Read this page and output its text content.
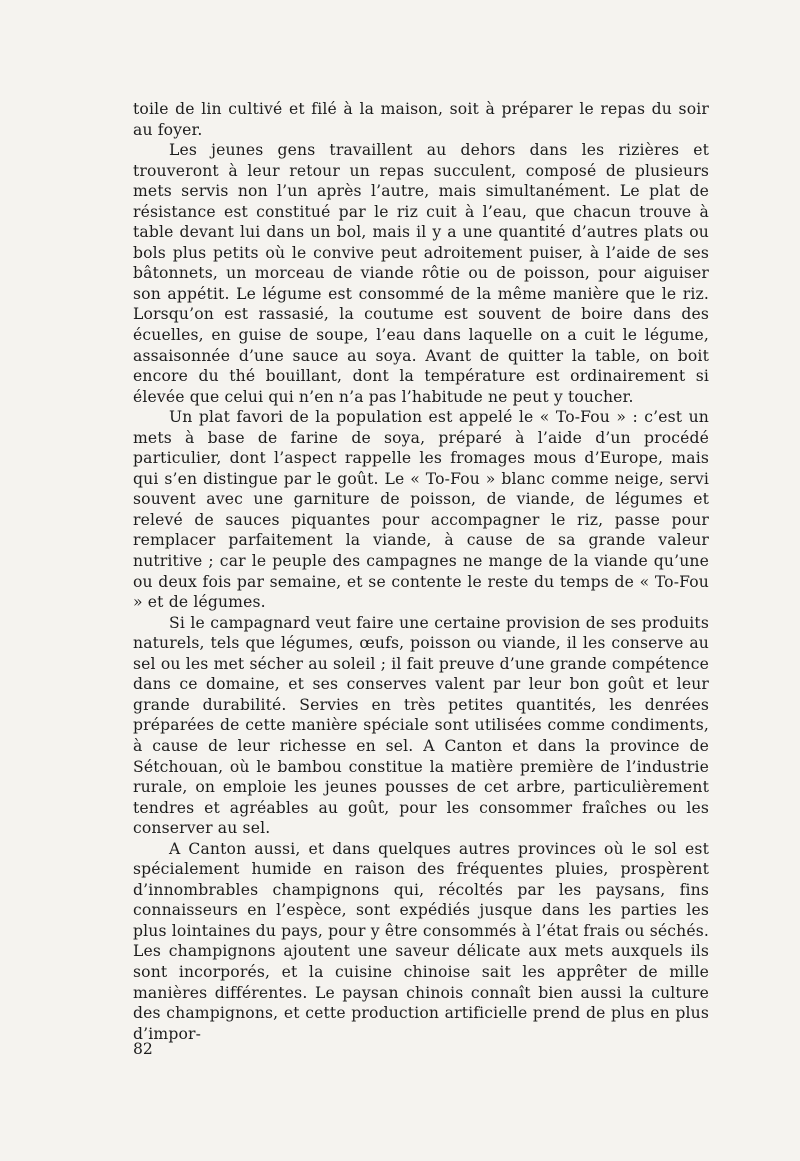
toile de lin cultivé et filé à la maison, soit à préparer le repas du soir au foyer.

Les jeunes gens travaillent au dehors dans les rizières et trouveront à leur retour un repas succulent, composé de plusieurs mets servis non l’un après l’autre, mais simultanément. Le plat de résistance est constitué par le riz cuit à l’eau, que chacun trouve à table devant lui dans un bol, mais il y a une quantité d’autres plats ou bols plus petits où le convive peut adroitement puiser, à l’aide de ses bâtonnets, un morceau de viande rôtie ou de poisson, pour aiguiser son appétit. Le légume est consommé de la même manière que le riz. Lorsqu’on est rassasié, la coutume est souvent de boire dans des écuelles, en guise de soupe, l’eau dans laquelle on a cuit le légume, assaisonnée d’une sauce au soya. Avant de quitter la table, on boit encore du thé bouillant, dont la température est ordinairement si élevée que celui qui n’en n’a pas l’habitude ne peut y toucher.

Un plat favori de la population est appelé le « To-Fou » : c’est un mets à base de farine de soya, préparé à l’aide d’un procédé particulier, dont l’aspect rappelle les fromages mous d’Europe, mais qui s’en distingue par le goût. Le « To-Fou » blanc comme neige, servi souvent avec une garniture de poisson, de viande, de légumes et relevé de sauces piquantes pour accompagner le riz, passe pour remplacer parfaitement la viande, à cause de sa grande valeur nutritive ; car le peuple des campagnes ne mange de la viande qu’une ou deux fois par semaine, et se contente le reste du temps de « To-Fou » et de légumes.

Si le campagnard veut faire une certaine provision de ses produits naturels, tels que légumes, œufs, poisson ou viande, il les conserve au sel ou les met sécher au soleil ; il fait preuve d’une grande compétence dans ce domaine, et ses conserves valent par leur bon goût et leur grande durabilité. Servies en très petites quantités, les denrées préparées de cette manière spéciale sont utilisées comme condiments, à cause de leur richesse en sel. A Canton et dans la province de Sétchouan, où le bambou constitue la matière première de l’industrie rurale, on emploie les jeunes pousses de cet arbre, particulièrement tendres et agréables au goût, pour les consommer fraîches ou les conserver au sel.

A Canton aussi, et dans quelques autres provinces où le sol est spécialement humide en raison des fréquentes pluies, prospèrent d’innombrables champignons qui, récoltés par les paysans, fins connaisseurs en l’espèce, sont expédiés jusque dans les parties les plus lointaines du pays, pour y être consommés à l’état frais ou séchés. Les champignons ajoutent une saveur délicate aux mets auxquels ils sont incorporés, et la cuisine chinoise sait les apprêter de mille manières différentes. Le paysan chinois connaît bien aussi la culture des champignons, et cette production artificielle prend de plus en plus d’impor-

82
